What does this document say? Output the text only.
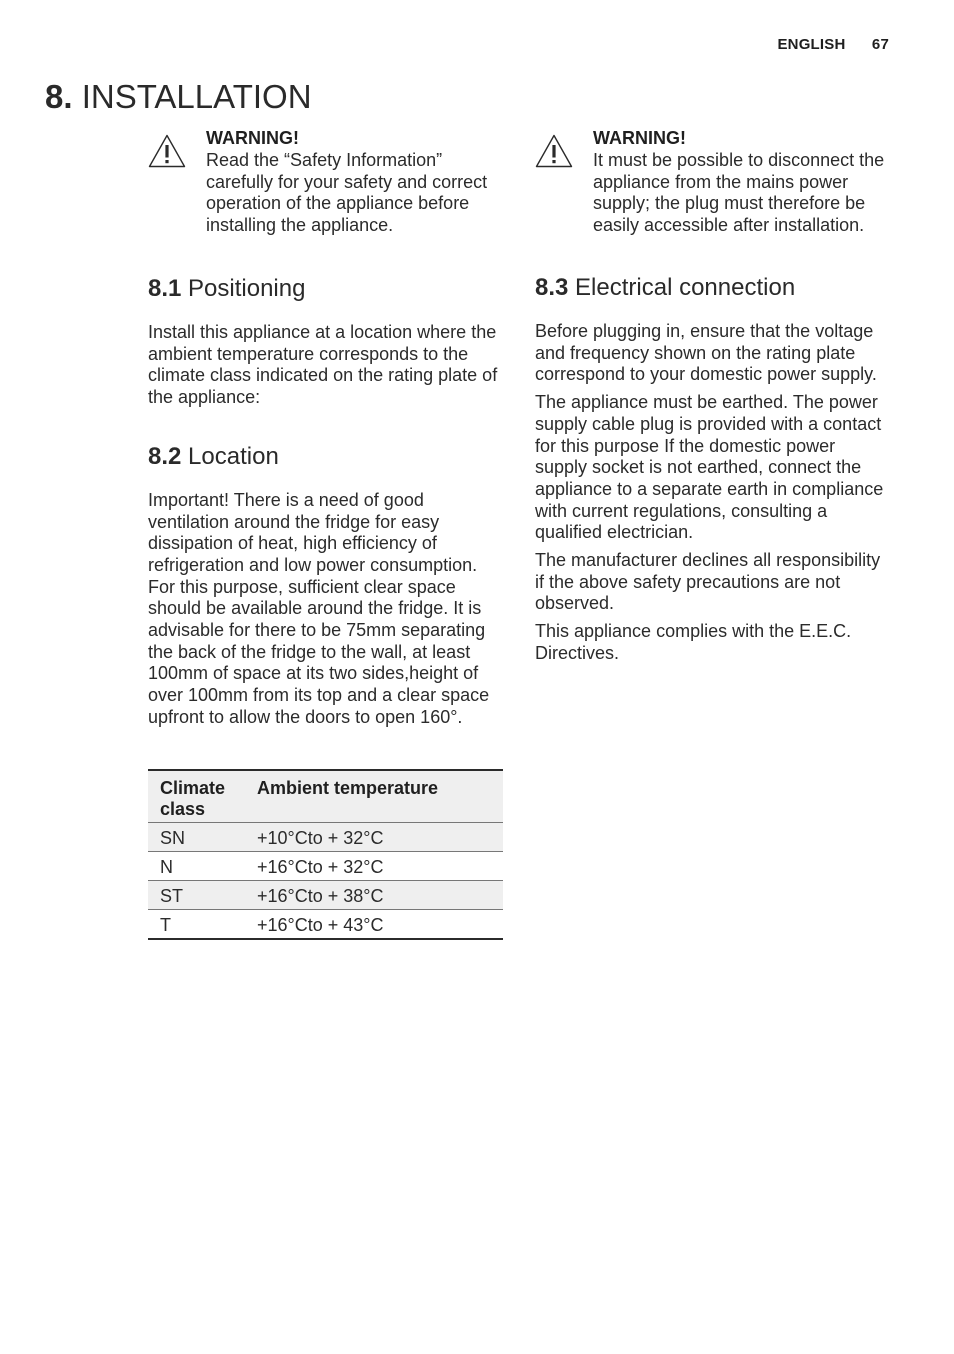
ENGLISH 67
8. INSTALLATION
WARNING!
Read the “Safety Information” carefully for your safety and correct operation of the appliance before installing the appliance.
8.1 Positioning

Install this appliance at a location where the ambient temperature corresponds to the climate class indicated on the rating plate of the appliance:

8.2 Location

Important! There is a need of good ventilation around the fridge for easy dissipation of heat, high efficiency of refrigeration and low power consumption. For this purpose, sufficient clear space should be available around the fridge. It is advisable for there to be 75mm separating the back of the fridge to the wall, at least 100mm of space at its two sides,height of over 100mm from its top and a clear space upfront to allow the doors to open 160°.

Climate class	Ambient temperature
SN	+10°Cto + 32°C
N	+16°Cto + 32°C
ST	+16°Cto + 38°C
T	+16°Cto + 43°C
WARNING!
It must be possible to disconnect the appliance from the mains power supply; the plug must therefore be easily accessible after installation.
8.3 Electrical connection

Before plugging in, ensure that the voltage and frequency shown on the rating plate correspond to your domestic power supply.

The appliance must be earthed. The power supply cable plug is provided with a contact for this purpose If the domestic power supply socket is not earthed, connect the appliance to a separate earth in compliance with current regulations, consulting a qualified electrician.

The manufacturer declines all responsibility if the above safety precautions are not observed.

This appliance complies with the E.E.C. Directives.
